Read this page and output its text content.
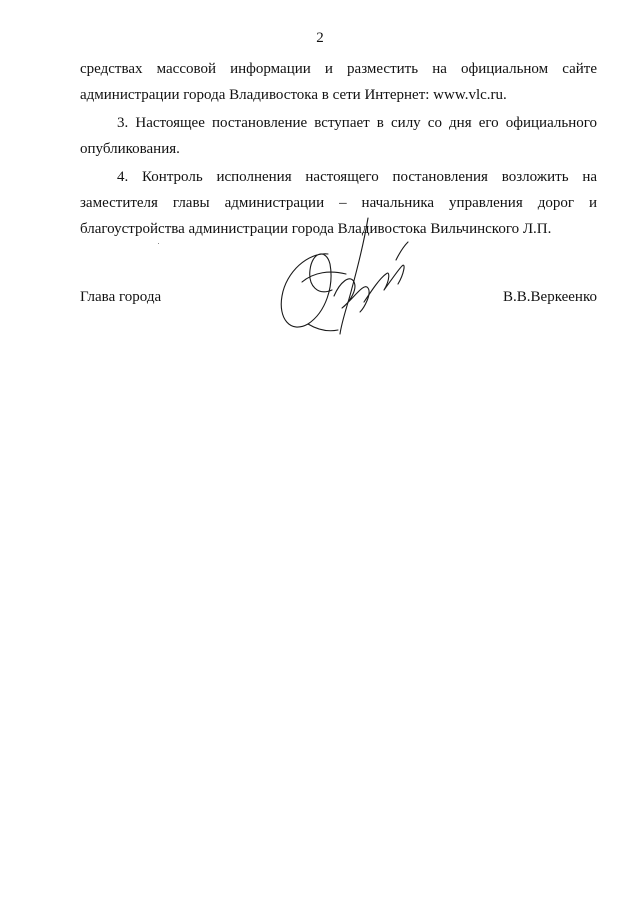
2

средствах массовой информации и разместить на официальном сайте администрации города Владивостока в сети Интернет: www.vlc.ru.

3. Настоящее постановление вступает в силу со дня его официального опубликования.

4. Контроль исполнения настоящего постановления возложить на заместителя главы администрации – начальника управления дорог и благоустройства администрации города Владивостока Вильчинского Л.П.

Глава города	В.В.Веркеенко
